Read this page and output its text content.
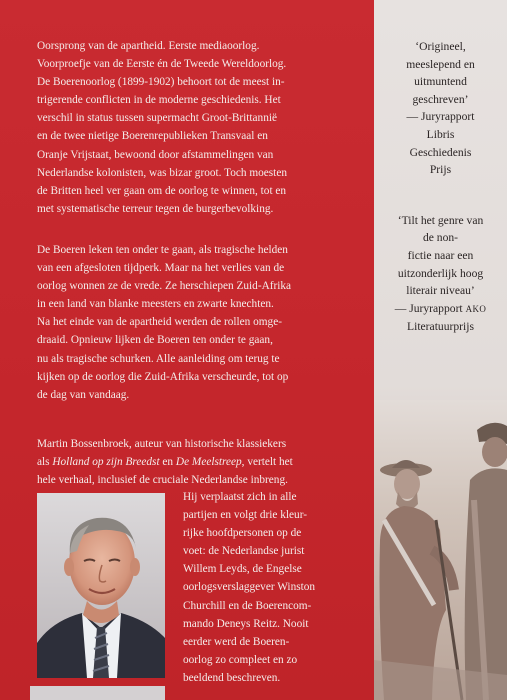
Oorsprong van de apartheid. Eerste mediaoorlog.
Voorproefje van de Eerste én de Tweede Wereldoorlog.
De Boerenoorlog (1899-1902) behoort tot de meest in-
trigerende conflicten in de moderne geschiedenis. Het
verschil in status tussen supermacht Groot-Brittannië
en de twee nietige Boerenrepublieken Transvaal en
Oranje Vrijstaat, bewoond door afstammelingen van
Nederlandse kolonisten, was bizar groot. Toch moesten
de Britten heel ver gaan om de oorlog te winnen, tot en
met systematische terreur tegen de burgerbevolking.
De Boeren leken ten onder te gaan, als tragische helden
van een afgesloten tijdperk. Maar na het verlies van de
oorlog wonnen ze de vrede. Ze herschiepen Zuid-Afrika
in een land van blanke meesters en zwarte knechten.
Na het einde van de apartheid werden de rollen omge-
draaid. Opnieuw lijken de Boeren ten onder te gaan,
nu als tragische schurken. Alle aanleiding om terug te
kijken op de oorlog die Zuid-Afrika verscheurde, tot op
de dag van vandaag.
Martin Bossenbroek, auteur van historische klassiekers
als Holland op zijn Breedst en De Meelstreep, vertelt het
hele verhaal, inclusief de cruciale Nederlandse inbreng.
Hij verplaatst zich in alle
partijen en volgt drie kleur-
rijke hoofdpersonen op de
voet: de Nederlandse jurist
Willem Leyds, de Engelse
oorlogsverslaggever Winston
Churchill en de Boerencom-
mando Deneys Reitz. Nooit
eerder werd de Boeren-
oorlog zo compleet en zo
beeldend beschreven.
‘Origineel,
meeslepend en
uitmuntend
geschreven’
— Juryrapport
Libris
Geschiedenis
Prijs
‘Tilt het genre van
de non-
fictie naar een
uitzonderlijk hoog
literair niveau’
— Juryrapport AKO
Literatuurprijs
